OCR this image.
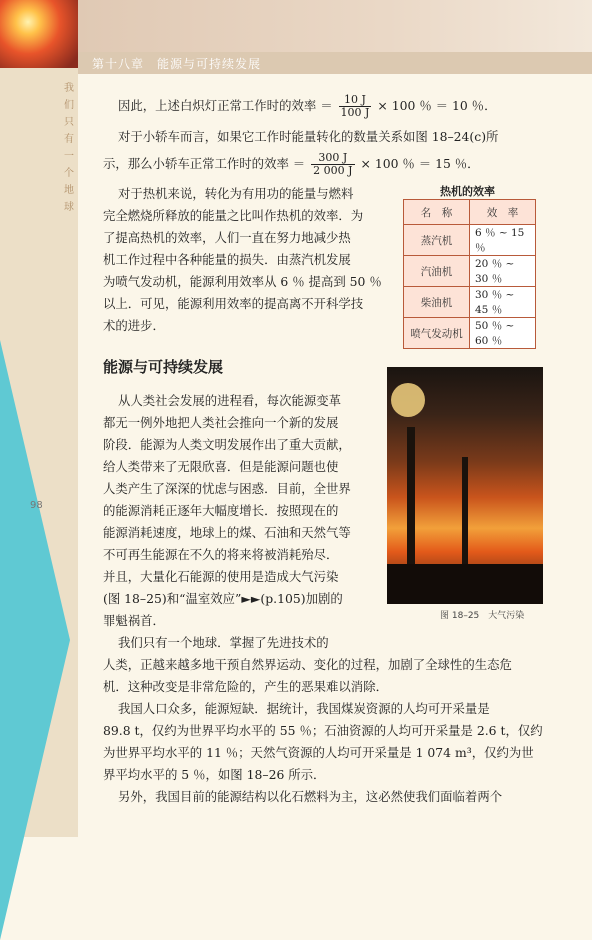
第十八章　能源与可持续发展
我
们
只
有
一
个
地
球
98
因此，上述白炽灯正常工作时的效率 ＝ $\frac{10 J}{100 J} \times 100$ ％ ＝ 10 ％．
对于小轿车而言，如果它工作时能量转化的数量关系如图 18–24(c)所
示，那么小轿车正常工作时的效率 ＝ $\frac{300 J}{2 000 J} \times 100$ ％ ＝ 15 ％．
对于热机来说，转化为有用功的能量与燃料
完全燃烧所释放的能量之比叫作热机的效率．为
了提高热机的效率，人们一直在努力地减少热
机工作过程中各种能量的损失．由蒸汽机发展
为喷气发动机，能源利用效率从 6 ％ 提高到 50 ％
以上．可见，能源利用效率的提高离不开科学技
术的进步．
热机的效率
名　称	效　率
蒸汽机	6 ％ ~ 15 ％
汽油机	20 ％ ~ 30 ％
柴油机	30 ％ ~ 45 ％
喷气发动机	50 ％ ~ 60 ％
能源与可持续发展
从人类社会发展的进程看，每次能源变革
都无一例外地把人类社会推向一个新的发展
阶段．能源为人类文明发展作出了重大贡献，
给人类带来了无限欣喜．但是能源问题也使
人类产生了深深的忧虑与困惑．目前，全世界
的能源消耗正逐年大幅度增长．按照现在的
能源消耗速度，地球上的煤、石油和天然气等
不可再生能源在不久的将来将被消耗殆尽．
并且，大量化石能源的使用是造成大气污染
(图 18–25)和“温室效应”►►(p.105)加剧的
罪魁祸首．	图 18–25　大气污染
我们只有一个地球．掌握了先进技术的
人类，正越来越多地干预自然界运动、变化的过程，加剧了全球性的生态危
机．这种改变是非常危险的，产生的恶果难以消除．
我国人口众多，能源短缺．据统计，我国煤炭资源的人均可开采量是
89.8 t，仅约为世界平均水平的 55 ％；石油资源的人均可开采量是 2.6 t，仅约
为世界平均水平的 11 ％；天然气资源的人均可开采量是 1 074 m³，仅约为世
界平均水平的 5 ％，如图 18–26 所示．
另外，我国目前的能源结构以化石燃料为主，这必然使我们面临着两个
